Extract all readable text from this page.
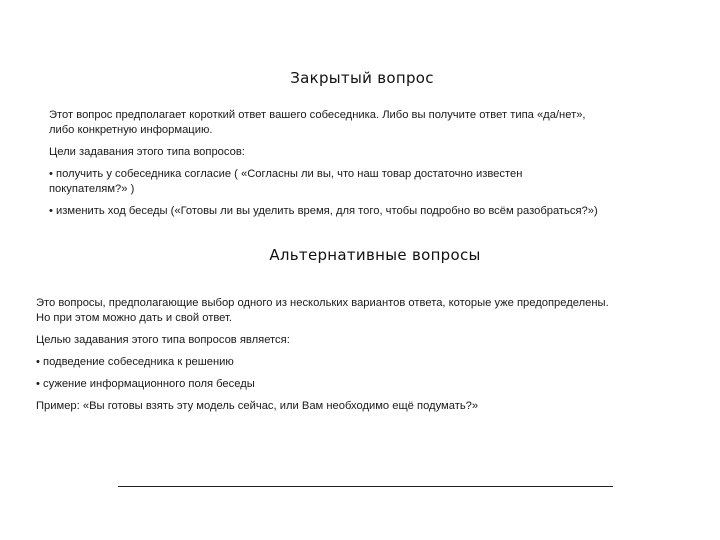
Закрытый вопрос

Этот вопрос предполагает короткий ответ вашего собеседника. Либо вы получите ответ типа «да/нет»,

либо конкретную информацию.

Цели задавания этого типа вопросов:

• получить у собеседника согласие ( «Согласны ли вы, что наш товар достаточно известен

покупателям?» )

• изменить ход беседы («Готовы ли вы уделить время, для того, чтобы подробно во всём разобраться?»)

Альтернативные вопросы

Это вопросы, предполагающие выбор одного из нескольких вариантов ответа, которые уже предопределены.

Но при этом можно дать и свой ответ.

Целью задавания этого типа вопросов является:

• подведение собеседника к решению

• сужение информационного поля беседы

Пример: «Вы готовы взять эту модель сейчас, или Вам необходимо ещё подумать?»
